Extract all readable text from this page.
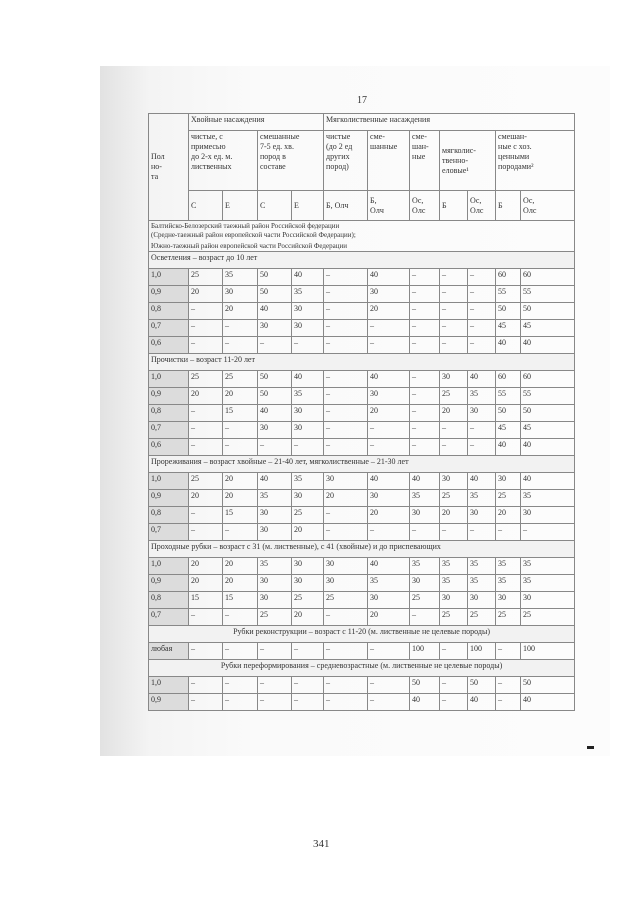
17
Пол
но-
та	Хвойные насаждения				Мягколиственные насаждения						
	чистые, с
примесью
до 2-х ед. м.
лиственных		смешанные
7-5 ед. хв.
пород в
составе		чистые
(до 2 ед
других
пород)	сме-
шанные	сме-
шан-
ные	мягколис-
твенно-
еловые¹		смешан-
ные с хоз.
ценными
породами²	
	С	Е	С	Е	Б, Олч	Б,
Олч	Ос,
Олс	Б	Ос,
Олс	Б	Ос,
Олс

Балтийско-Белозерский таежный район Российской федерации
(Средне-таежный район европейской части Российской Федерации);
Южно-таежный район европейской части Российской Федерации											

Осветления – возраст до 10 лет											
1,0	25	35	50	40	–	40	–	–	–	60	60
0,9	20	30	50	35	–	30	–	–	–	55	55
0,8	–	20	40	30	–	20	–	–	–	50	50
0,7	–	–	30	30	–	–	–	–	–	45	45
0,6	–	–	–	–	–	–	–	–	–	40	40
Прочистки – возраст 11-20 лет											
1,0	25	25	50	40	–	40	–	30	40	60	60
0,9	20	20	50	35	–	30	–	25	35	55	55
0,8	–	15	40	30	–	20	–	20	30	50	50
0,7	–	–	30	30	–	–	–	–	–	45	45
0,6	–	–	–	–	–	–	–	–	–	40	40
Прореживания – возраст хвойные – 21-40 лет, мягколиственные – 21-30 лет											
1,0	25	20	40	35	30	40	40	30	40	30	40
0,9	20	20	35	30	20	30	35	25	35	25	35
0,8	–	15	30	25	–	20	30	20	30	20	30
0,7	–	–	30	20	–	–	–	–	–	–	–
Проходные рубки – возраст с 31 (м. лиственные), с 41 (хвойные) и до приспевающих											
1,0	20	20	35	30	30	40	35	35	35	35	35
0,9	20	20	30	30	30	35	30	35	35	35	35
0,8	15	15	30	25	25	30	25	30	30	30	30
0,7	–	–	25	20	–	20	–	25	25	25	25
Рубки реконструкции – возраст с 11-20 (м. лиственные не целевые породы)											
любая	–	–	–	–	–	–	100	–	100	–	100
Рубки переформирования – средневозрастные (м. лиственные не целевые породы)											
1,0	–	–	–	–	–	–	50	–	50	–	50
0,9	–	–	–	–	–	–	40	–	40	–	40
341
